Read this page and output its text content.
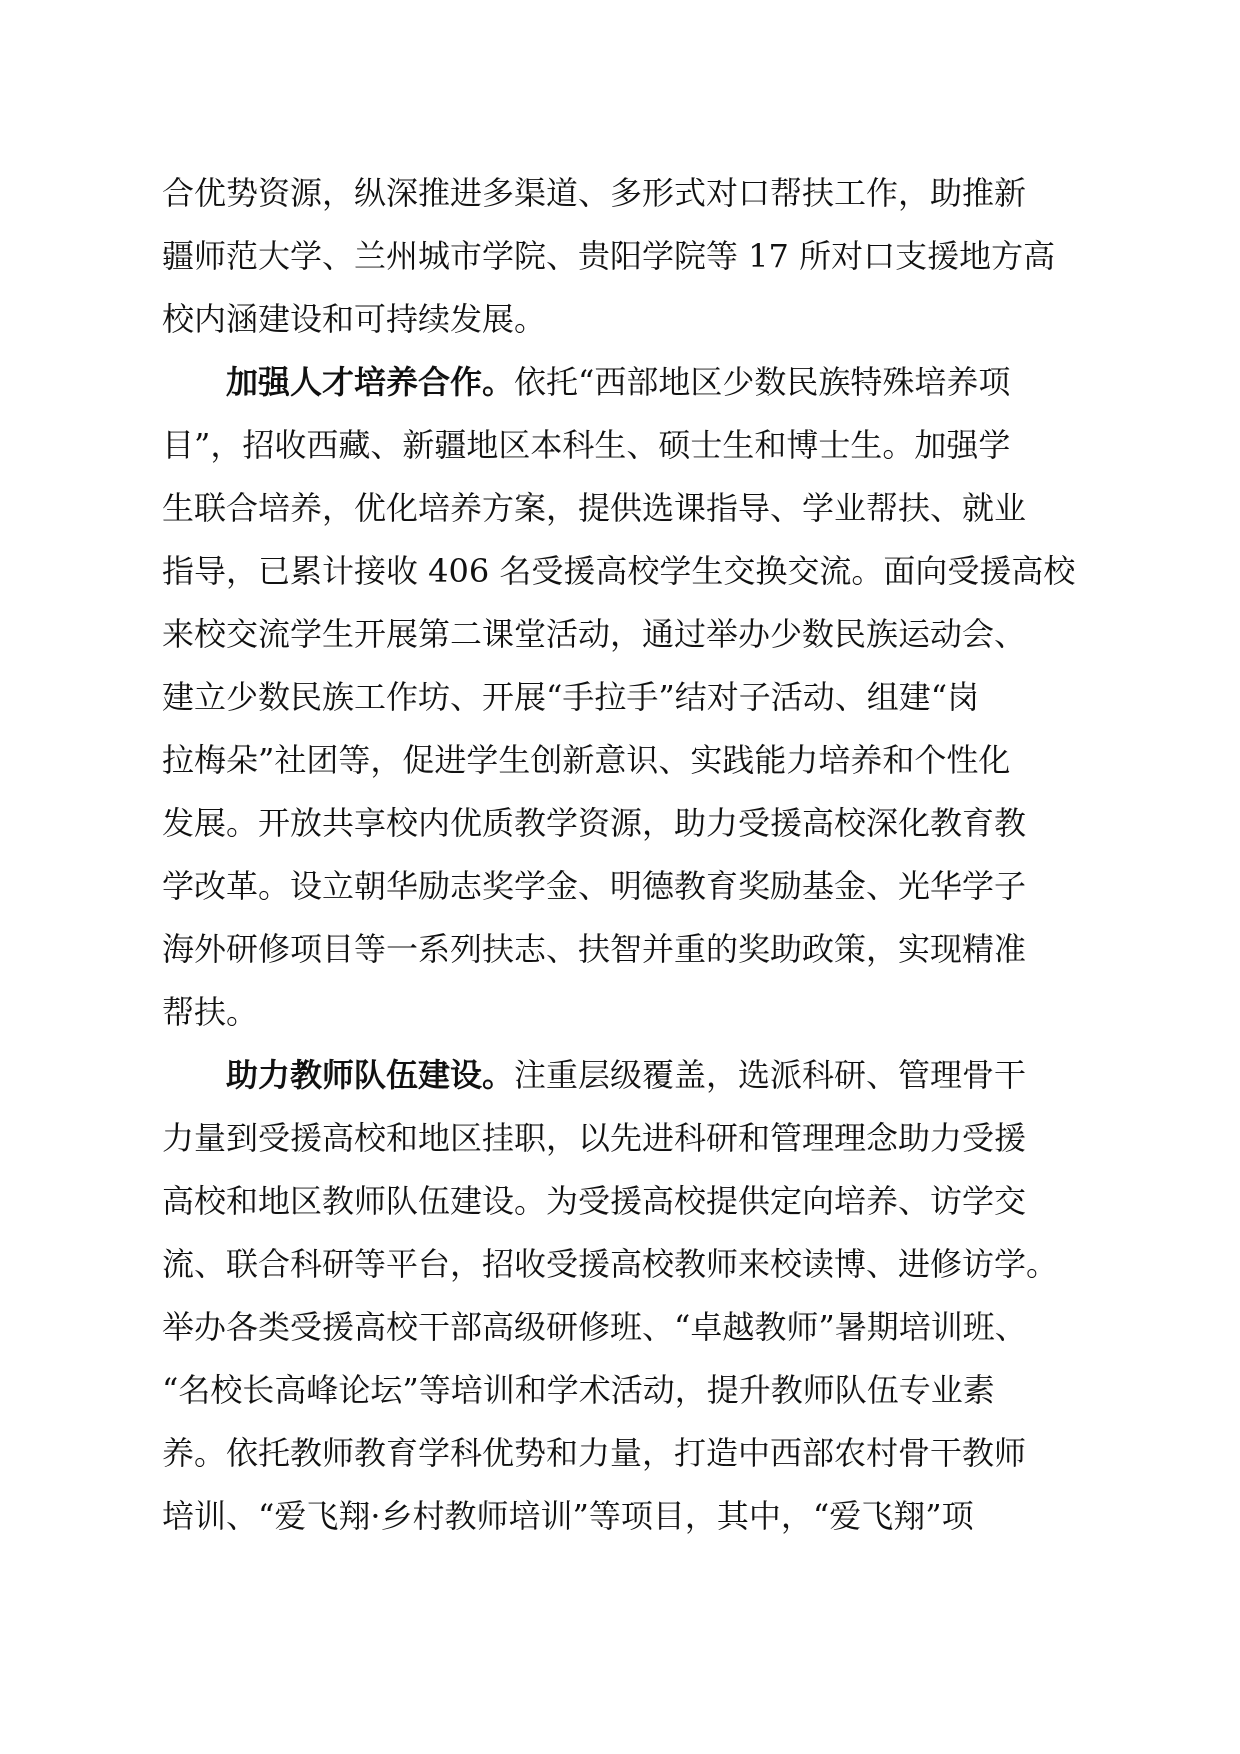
合优势资源，纵深推进多渠道、多形式对口帮扶工作，助推新
疆师范大学、兰州城市学院、贵阳学院等 17 所对口支援地方高
校内涵建设和可持续发展。
加强人才培养合作。依托“西部地区少数民族特殊培养项
目”，招收西藏、新疆地区本科生、硕士生和博士生。加强学
生联合培养，优化培养方案，提供选课指导、学业帮扶、就业
指导，已累计接收 406 名受援高校学生交换交流。面向受援高校
来校交流学生开展第二课堂活动，通过举办少数民族运动会、
建立少数民族工作坊、开展“手拉手”结对子活动、组建“岗
拉梅朵”社团等，促进学生创新意识、实践能力培养和个性化
发展。开放共享校内优质教学资源，助力受援高校深化教育教
学改革。设立朝华励志奖学金、明德教育奖励基金、光华学子
海外研修项目等一系列扶志、扶智并重的奖助政策，实现精准
帮扶。
助力教师队伍建设。注重层级覆盖，选派科研、管理骨干
力量到受援高校和地区挂职，以先进科研和管理理念助力受援
高校和地区教师队伍建设。为受援高校提供定向培养、访学交
流、联合科研等平台，招收受援高校教师来校读博、进修访学。
举办各类受援高校干部高级研修班、“卓越教师”暑期培训班、
“名校长高峰论坛”等培训和学术活动，提升教师队伍专业素
养。依托教师教育学科优势和力量，打造中西部农村骨干教师
培训、“爱飞翔·乡村教师培训”等项目，其中，“爱飞翔”项
